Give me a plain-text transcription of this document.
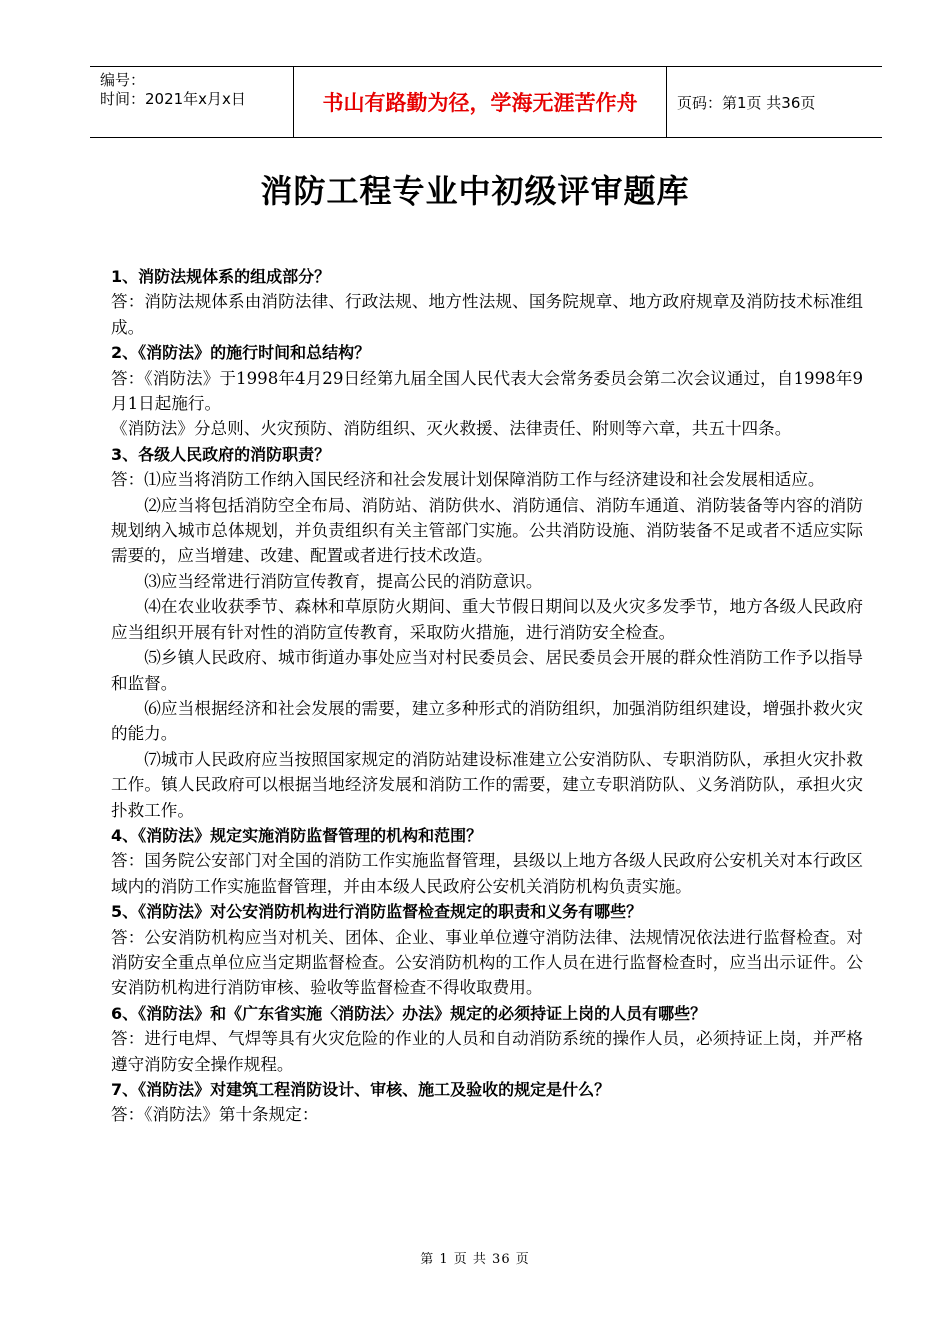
编号：
时间：2021年x月x日	书山有路勤为径，学海无涯苦作舟	页码：第1页 共36页
消防工程专业中初级评审题库

1、消防法规体系的组成部分？

答：消防法规体系由消防法律、行政法规、地方性法规、国务院规章、地方政府规章及消防技术标准组成。

2、《消防法》的施行时间和总结构？

答：《消防法》于1998年4月29日经第九届全国人民代表大会常务委员会第二次会议通过，自1998年9月1日起施行。

《消防法》分总则、火灾预防、消防组织、灭火救援、法律责任、附则等六章，共五十四条。

3、各级人民政府的消防职责？

答：⑴应当将消防工作纳入国民经济和社会发展计划保障消防工作与经济建设和社会发展相适应。

⑵应当将包括消防空全布局、消防站、消防供水、消防通信、消防车通道、消防装备等内容的消防规划纳入城市总体规划，并负责组织有关主管部门实施。公共消防设施、消防装备不足或者不适应实际需要的，应当增建、改建、配置或者进行技术改造。

⑶应当经常进行消防宣传教育，提高公民的消防意识。

⑷在农业收获季节、森林和草原防火期间、重大节假日期间以及火灾多发季节，地方各级人民政府应当组织开展有针对性的消防宣传教育，采取防火措施，进行消防安全检查。

⑸乡镇人民政府、城市街道办事处应当对村民委员会、居民委员会开展的群众性消防工作予以指导和监督。

⑹应当根据经济和社会发展的需要，建立多种形式的消防组织，加强消防组织建设，增强扑救火灾的能力。

⑺城市人民政府应当按照国家规定的消防站建设标准建立公安消防队、专职消防队，承担火灾扑救工作。镇人民政府可以根据当地经济发展和消防工作的需要，建立专职消防队、义务消防队，承担火灾扑救工作。

4、《消防法》规定实施消防监督管理的机构和范围？

答：国务院公安部门对全国的消防工作实施监督管理，县级以上地方各级人民政府公安机关对本行政区域内的消防工作实施监督管理，并由本级人民政府公安机关消防机构负责实施。

5、《消防法》对公安消防机构进行消防监督检查规定的职责和义务有哪些？

答：公安消防机构应当对机关、团体、企业、事业单位遵守消防法律、法规情况依法进行监督检查。对消防安全重点单位应当定期监督检查。公安消防机构的工作人员在进行监督检查时，应当出示证件。公安消防机构进行消防审核、验收等监督检查不得收取费用。

6、《消防法》和《广东省实施〈消防法〉办法》规定的必须持证上岗的人员有哪些？

答：进行电焊、气焊等具有火灾危险的作业的人员和自动消防系统的操作人员，必须持证上岗，并严格遵守消防安全操作规程。

7、《消防法》对建筑工程消防设计、审核、施工及验收的规定是什么？

答：《消防法》第十条规定：

第 1 页 共 36 页
